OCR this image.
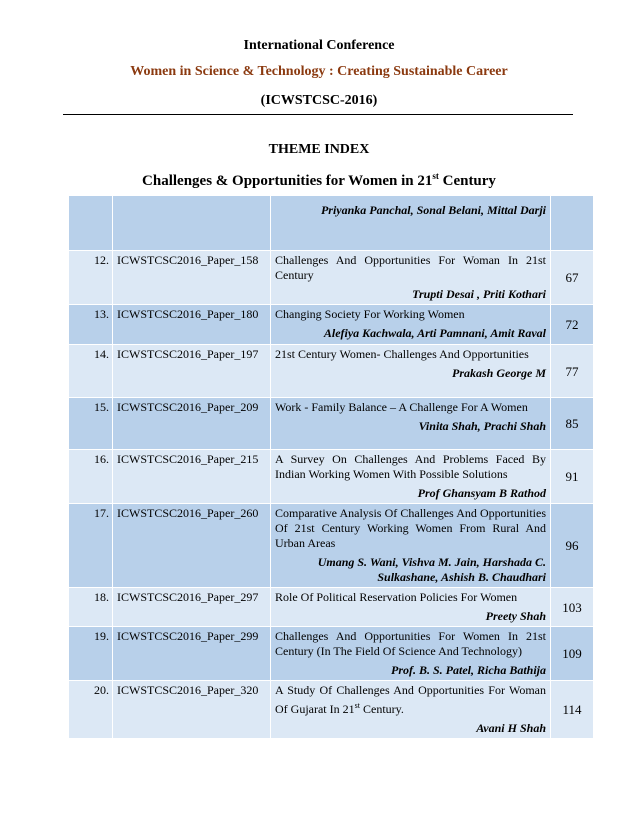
International Conference
Women in Science & Technology : Creating Sustainable Career
(ICWSTCSC-2016)
THEME INDEX
Challenges & Opportunities for Women in 21st Century

		Priyanka Panchal, Sonal Belani, Mittal Darji	

12.	ICWSTCSC2016_Paper_158	Challenges And Opportunities For Woman In 21st Century
Trupti Desai , Priti Kothari	67
13.	ICWSTCSC2016_Paper_180	Changing Society For Working Women
Alefiya Kachwala, Arti Pamnani, Amit Raval	72
14.	ICWSTCSC2016_Paper_197	21st Century Women- Challenges And Opportunities
Prakash George M	77
15.	ICWSTCSC2016_Paper_209	Work - Family Balance – A Challenge For A Women
Vinita Shah, Prachi Shah	85
16.	ICWSTCSC2016_Paper_215	A Survey On Challenges And Problems Faced By Indian Working Women With Possible Solutions
Prof Ghansyam B Rathod	91
17.	ICWSTCSC2016_Paper_260	Comparative Analysis Of Challenges And Opportunities Of 21st Century Working Women From Rural And Urban Areas
Umang S. Wani, Vishva M. Jain, Harshada C. Sulkashane, Ashish B. Chaudhari	96
18.	ICWSTCSC2016_Paper_297	Role Of Political Reservation Policies For Women
Preety Shah	103
19.	ICWSTCSC2016_Paper_299	Challenges And Opportunities For Women In 21st Century (In The Field Of Science And Technology)
Prof. B. S. Patel, Richa Bathija	109
20.	ICWSTCSC2016_Paper_320	A Study Of Challenges And Opportunities For Woman Of Gujarat In 21st Century.
Avani H Shah	114
